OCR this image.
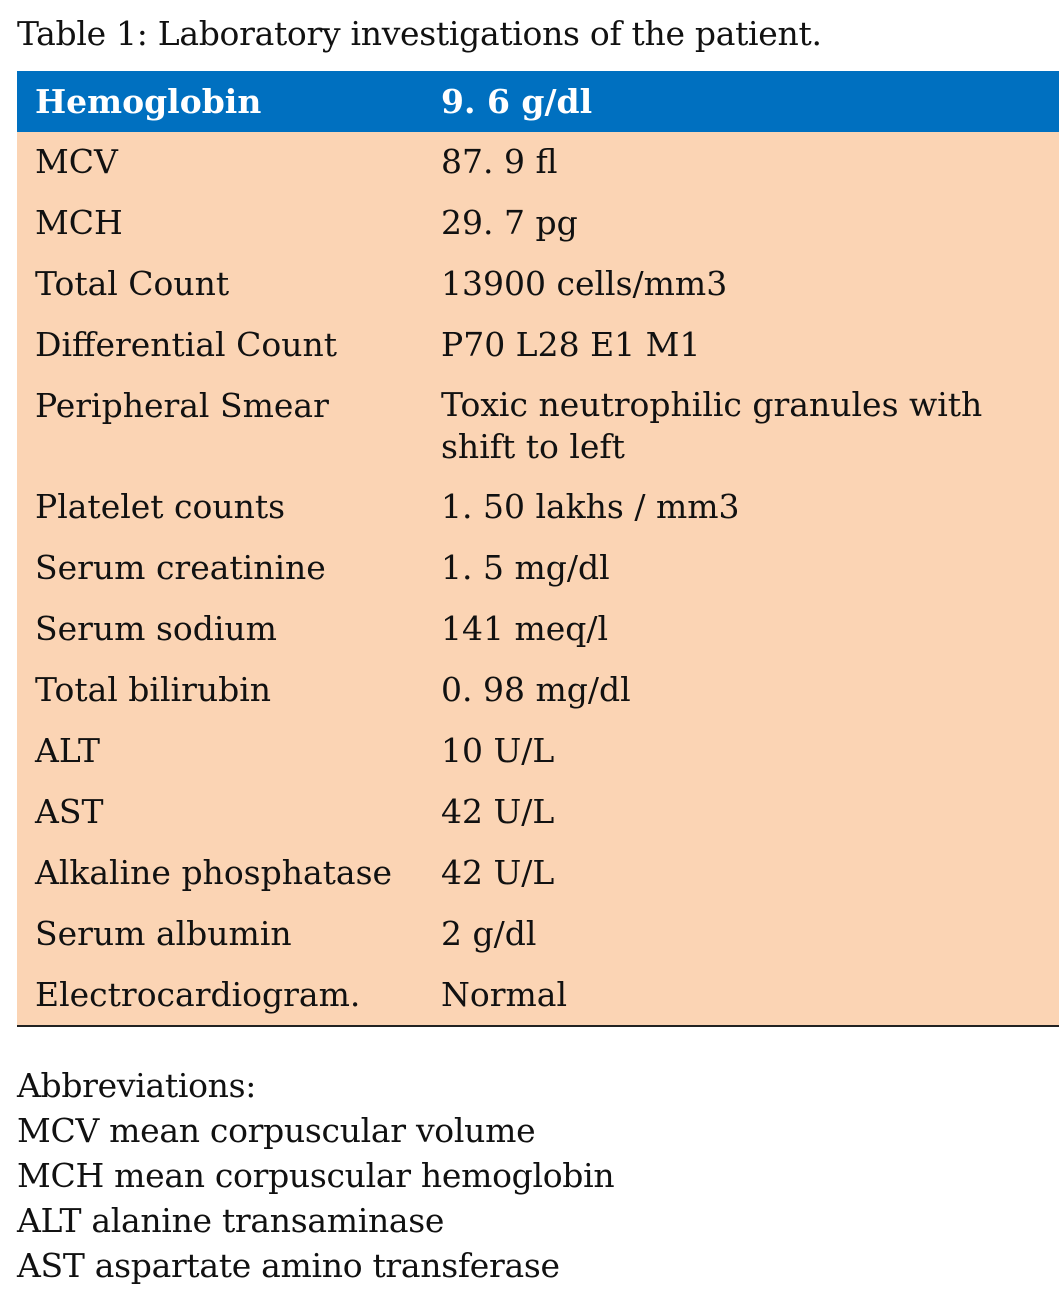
Table 1: Laboratory investigations of the patient.
Hemoglobin	9. 6 g/dl
MCV	87. 9 fl
MCH	29. 7 pg
Total Count	13900 cells/mm3
Differential Count	P70 L28 E1 M1
Peripheral Smear	Toxic neutrophilic granules with shift to left
Platelet counts	1. 50 lakhs / mm3
Serum creatinine	1. 5 mg/dl
Serum sodium	141 meq/l
Total bilirubin	0. 98 mg/dl
ALT	10 U/L
AST	42 U/L
Alkaline phosphatase	42 U/L
Serum albumin	2 g/dl
Electrocardiogram.	Normal
Abbreviations:
MCV mean corpuscular volume
MCH mean corpuscular hemoglobin
ALT alanine transaminase
AST aspartate amino transferase
